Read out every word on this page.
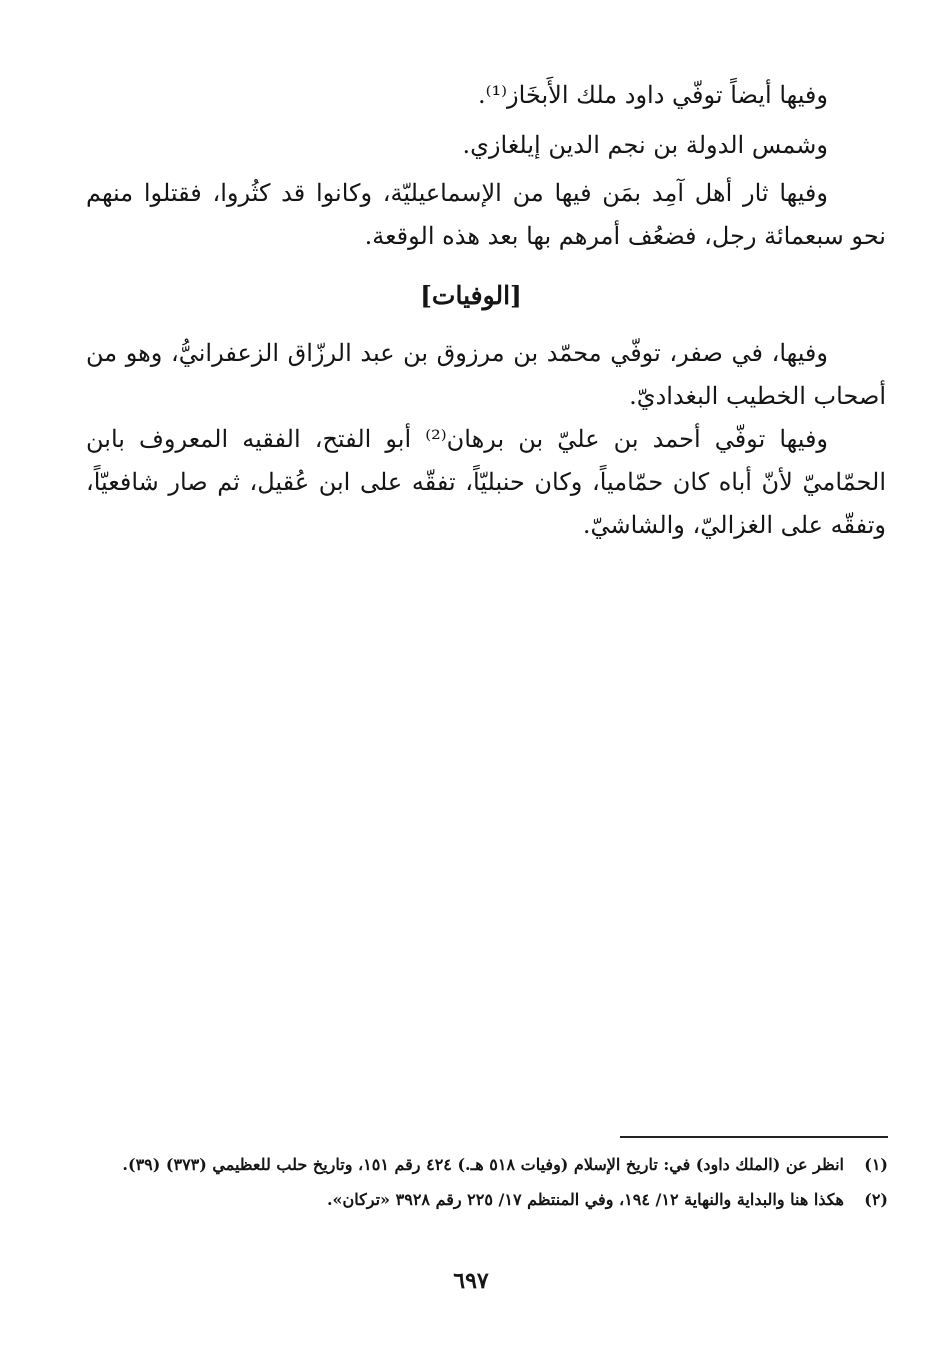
وفيها أيضاً توفّي داود ملك الأَبخَاز⁽¹⁾.

وشمس الدولة بن نجم الدين إيلغازي.

وفيها ثار أهل آمِد بمَن فيها من الإسماعيليّة، وكانوا قد كثُروا، فقتلوا منهم نحو سبعمائة رجل، فضعُف أمرهم بها بعد هذه الوقعة.

[الوفيات]

وفيها، في صفر، توفّي محمّد بن مرزوق بن عبد الرزّاق الزعفرانيُّ، وهو من أصحاب الخطيب البغداديّ.

وفيها توفّي أحمد بن عليّ بن برهان⁽²⁾ أبو الفتح، الفقيه المعروف بابن الحمّاميّ لأنّ أباه كان حمّامياً، وكان حنبليّاً، تفقّه على ابن عُقيل، ثم صار شافعيّاً، وتفقّه على الغزاليّ، والشاشيّ.

(١)
انظر عن (الملك داود) في: تاريخ الإسلام (وفيات ٥١٨ هـ.) ٤٢٤ رقم ١٥١، وتاريخ حلب للعظيمي (٣٧٣) (٣٩).

(٢)
هكذا هنا والبداية والنهاية ١٢/ ١٩٤، وفي المنتظم ١٧/ ٢٢٥ رقم ٣٩٢٨ «تركان».

٦٩٧
